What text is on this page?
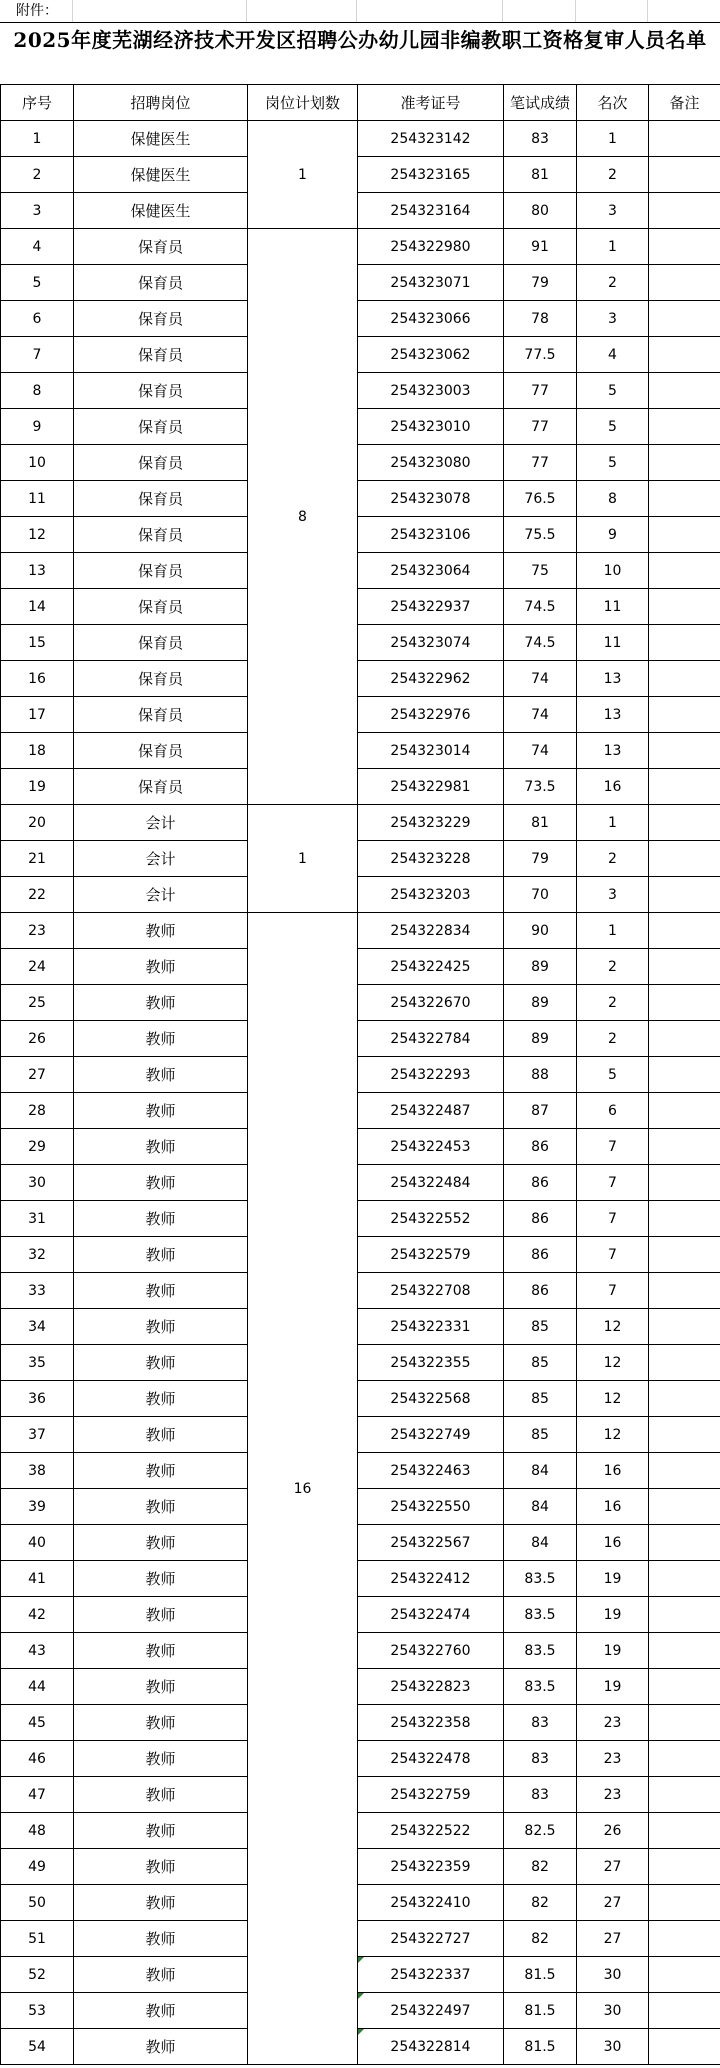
附件：
2025年度芜湖经济技术开发区招聘公办幼儿园非编教职工资格复审人员名单
序号	招聘岗位	岗位计划数	准考证号	笔试成绩	名次	备注
1	保健医生	1	254323142	83	1	
2	保健医生		254323165	81	2	
3	保健医生		254323164	80	3	
4	保育员	8	254322980	91	1	
5	保育员		254323071	79	2	
6	保育员		254323066	78	3	
7	保育员		254323062	77.5	4	
8	保育员		254323003	77	5	
9	保育员		254323010	77	5	
10	保育员		254323080	77	5	
11	保育员		254323078	76.5	8	
12	保育员		254323106	75.5	9	
13	保育员		254323064	75	10	
14	保育员		254322937	74.5	11	
15	保育员		254323074	74.5	11	
16	保育员		254322962	74	13	
17	保育员		254322976	74	13	
18	保育员		254323014	74	13	
19	保育员		254322981	73.5	16	
20	会计	1	254323229	81	1	
21	会计		254323228	79	2	
22	会计		254323203	70	3	
23	教师	16	254322834	90	1	
24	教师		254322425	89	2	
25	教师		254322670	89	2	
26	教师		254322784	89	2	
27	教师		254322293	88	5	
28	教师		254322487	87	6	
29	教师		254322453	86	7	
30	教师		254322484	86	7	
31	教师		254322552	86	7	
32	教师		254322579	86	7	
33	教师		254322708	86	7	
34	教师		254322331	85	12	
35	教师		254322355	85	12	
36	教师		254322568	85	12	
37	教师		254322749	85	12	
38	教师		254322463	84	16	
39	教师		254322550	84	16	
40	教师		254322567	84	16	
41	教师		254322412	83.5	19	
42	教师		254322474	83.5	19	
43	教师		254322760	83.5	19	
44	教师		254322823	83.5	19	
45	教师		254322358	83	23	
46	教师		254322478	83	23	
47	教师		254322759	83	23	
48	教师		254322522	82.5	26	
49	教师		254322359	82	27	
50	教师		254322410	82	27	
51	教师		254322727	82	27	
52	教师		254322337	81.5	30	
53	教师		254322497	81.5	30	
54	教师		254322814	81.5	30	
